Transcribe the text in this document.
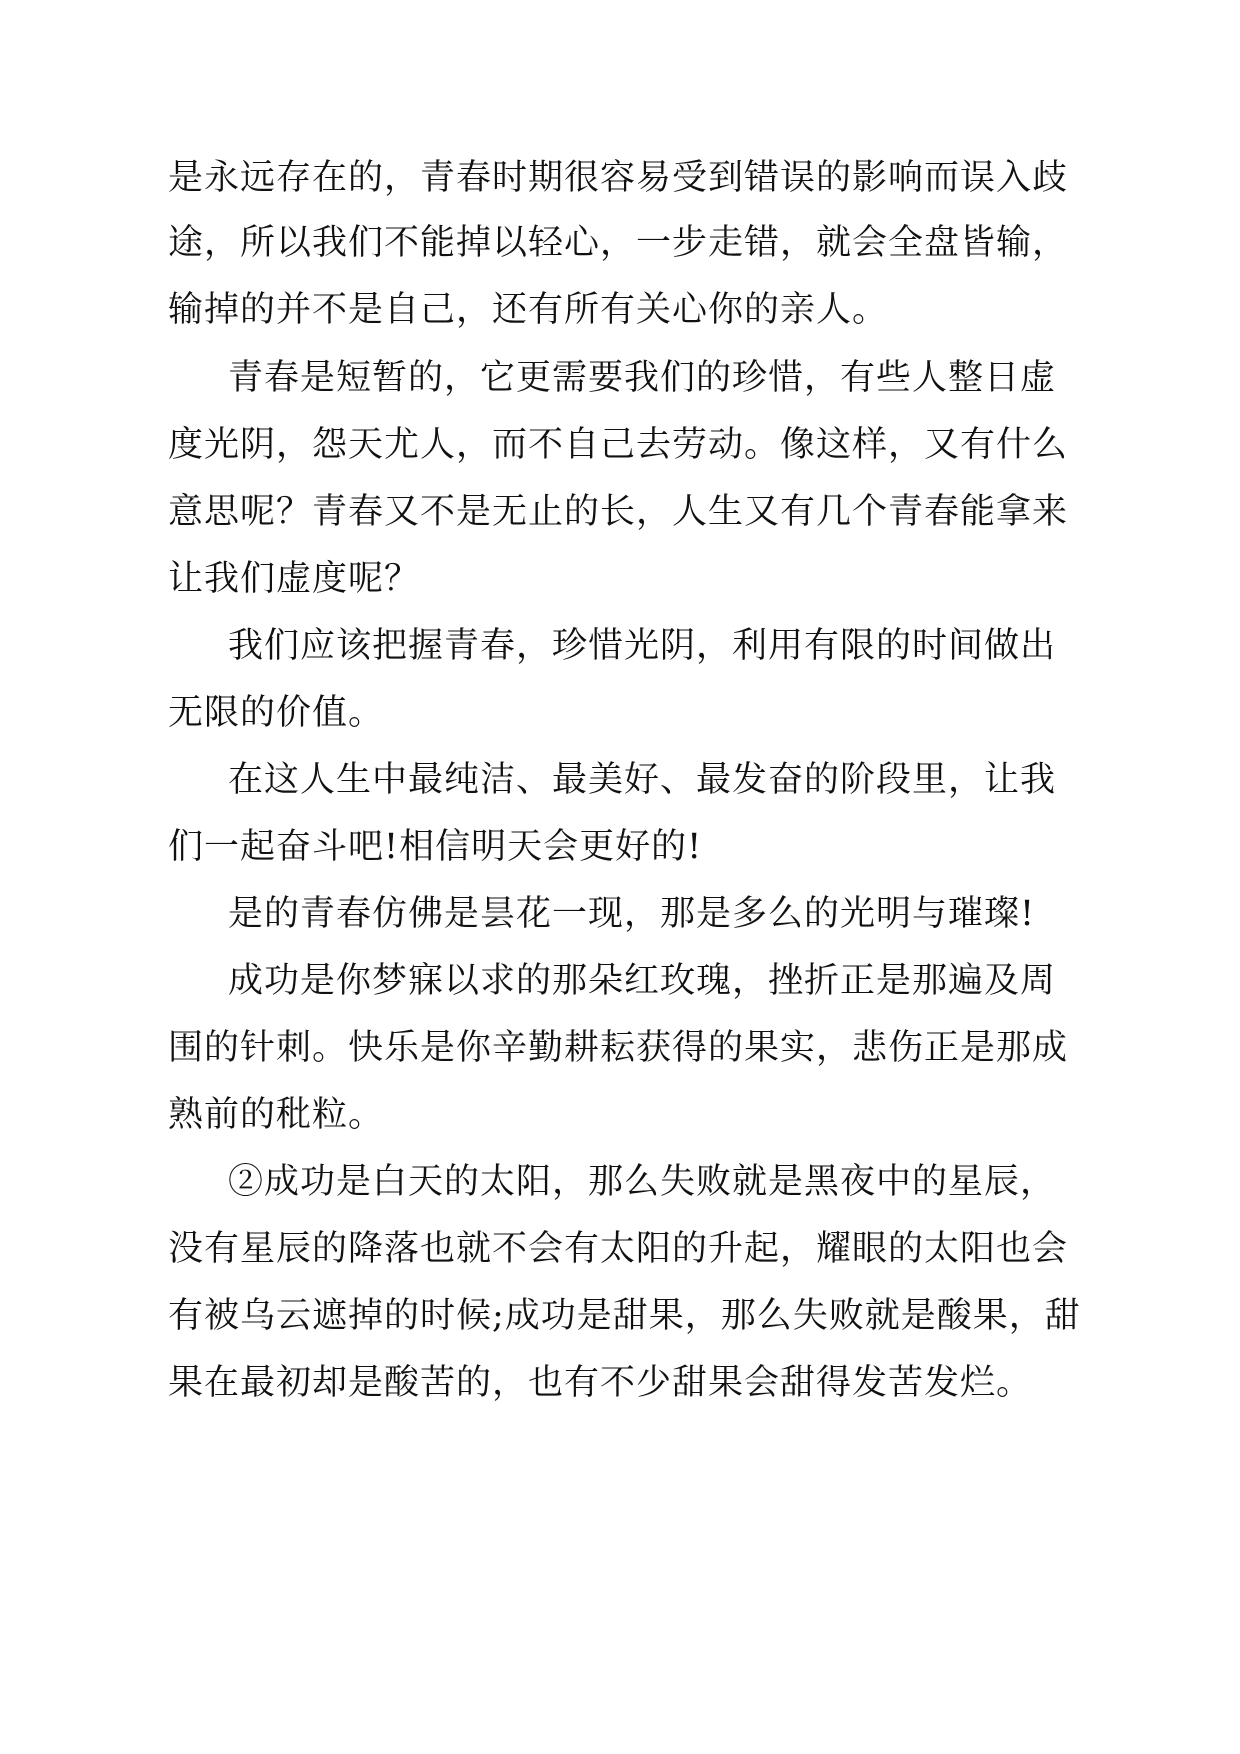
是永远存在的，青春时期很容易受到错误的影响而误入歧

途，所以我们不能掉以轻心，一步走错，就会全盘皆输，

输掉的并不是自己，还有所有关心你的亲人。

青春是短暂的，它更需要我们的珍惜，有些人整日虚

度光阴，怨天尤人，而不自己去劳动。像这样，又有什么

意思呢？青春又不是无止的长，人生又有几个青春能拿来

让我们虚度呢？

我们应该把握青春，珍惜光阴，利用有限的时间做出

无限的价值。

在这人生中最纯洁、最美好、最发奋的阶段里，让我

们一起奋斗吧!相信明天会更好的!

是的青春仿佛是昙花一现，那是多么的光明与璀璨!

成功是你梦寐以求的那朵红玫瑰，挫折正是那遍及周

围的针刺。快乐是你辛勤耕耘获得的果实，悲伤正是那成

熟前的秕粒。

②成功是白天的太阳，那么失败就是黑夜中的星辰，

没有星辰的降落也就不会有太阳的升起，耀眼的太阳也会

有被乌云遮掉的时候;成功是甜果，那么失败就是酸果，甜

果在最初却是酸苦的，也有不少甜果会甜得发苦发烂。
